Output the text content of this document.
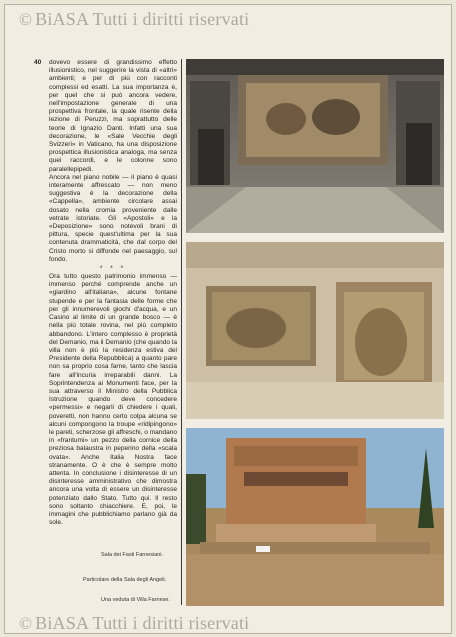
© BiASA Tutti i diritti riservati
40 dovevo essere di grandissimo effetto illusionistico, nel suggerire la vista di «altri» ambienti; e per di più con racconti complessi ed esatti. La sua importanza è, per quel che si può ancora vedere, nell'impostazione generale di una prospettiva frontale, la quale risente della lezione di Peruzzi, ma soprattutto delle teorie di Ignazio Danti. Infatti una sua decorazione, le «Sale Vecchie degli Svizzeri» in Vaticano, ha una disposizione prospettica illusionistica analoga, ma senza quei raccordi, e le colonne sono paralellepipedi.

Ancora nel piano nobile — il piano è quasi interamente affrescato — non meno suggestiva è la decorazione della «Cappella», ambiente circolare assai dosato nella cromia proveniente dalle vetrate istoriate. Gli «Apostoli» e la «Deposizione» sono notevoli brani di pittura, specie quest'ultima per la sua contenuta drammaticità, che dal corpo del Cristo morto si diffonde nel paesaggio, sul fondo.

* * *

Ora tutto questo patrimonio immenso — immenso perché comprende anche un «giardino all'italiana», alcune fontane stupende e per la fantasia delle forme che per gli innumerevoli giochi d'acqua, e un Casino al limite di un grande bosco — è nella più totale rovina, nel più completo abbandono. L'intero complesso è proprietà del Demanio, ma il Demanio (che quando la villa non è più la residenza estiva del Presidente della Repubblica) a quanto pare non sa proprio cosa farne, tanto che lascia fare all'incuria irreparabili danni. La Soprintendenza ai Monumenti face, per la sua attraverso il Ministro della Pubblica Istruzione quando deve concedere «permessi» e negarli di chiedere i quali, poveretti, non hanno certo colpa alcuna se alcuni compongono la troupe «ridipingono» le pareti, scherzose gli affreschi, o mandano in «frantumi» un pezzo della cornice della preziosa balaustra in peperino della «scala ovata». Anche Italia Nostra face stranamente. O è che è sempre molto attenta. In conclusione i disinteresse di un disinteresse amministrativo che dimostra ancora una volta di essere un disinteresse potenziato dallo Stato. Tutto qui. Il resto sono soltanto chiacchiere. E, poi, le immagini che pubblichiamo parlano già da sole.

Sala dei Fasti Farnesiani.
Particolare della Sala degli Angeli.
Una veduta di Villa Farnese.
© BiASA Tutti i diritti riservati
